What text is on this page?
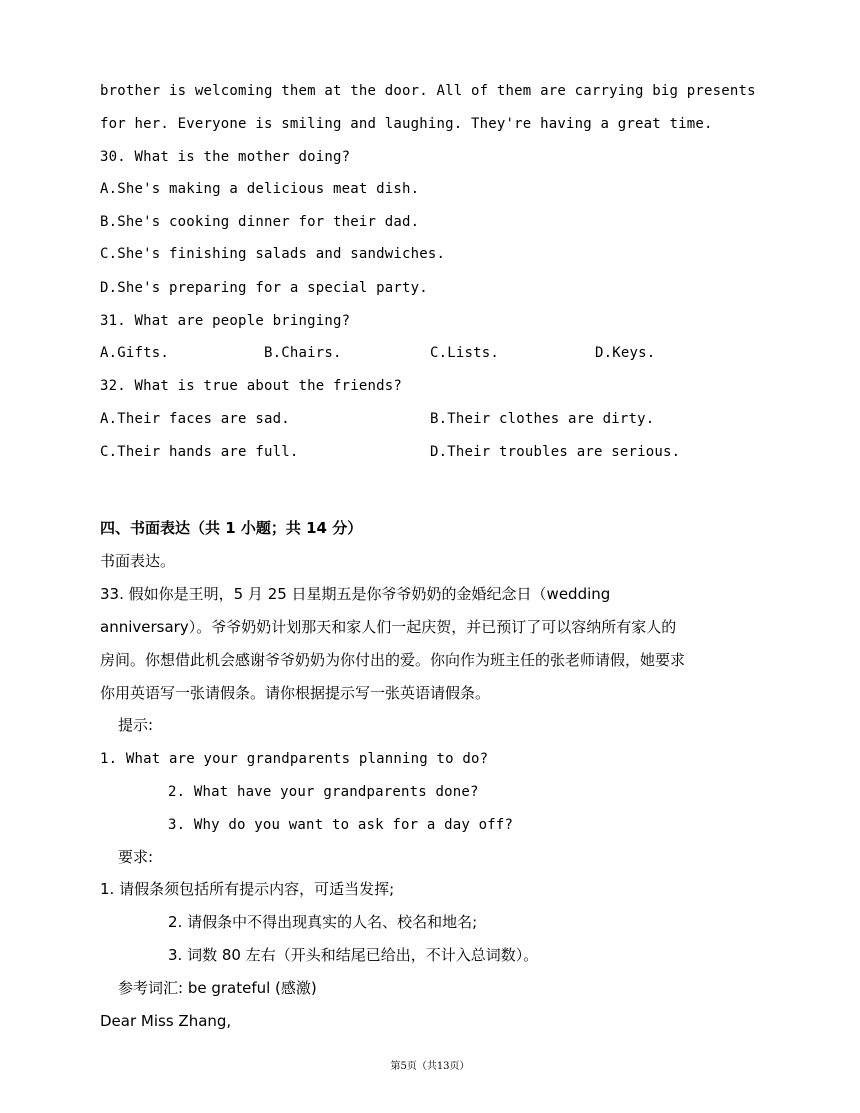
brother is welcoming them at the door. All of them are carrying big presents
for her. Everyone is smiling and laughing. They're having a great time.
30. What is the mother doing?
A.She's making a delicious meat dish.
B.She's cooking dinner for their dad.
C.She's finishing salads and sandwiches.
D.She's preparing for a special party.
31. What are people bringing?
A.Gifts.	B.Chairs.	C.Lists.	D.Keys.
32. What is true about the friends?
A.Their faces are sad.	B.Their clothes are dirty.
C.Their hands are full.	D.Their troubles are serious.
四、书面表达（共 1 小题；共 14 分）
书面表达。
33. 假如你是王明，5 月 25 日星期五是你爷爷奶奶的金婚纪念日（wedding
anniversary）。爷爷奶奶计划那天和家人们一起庆贺，并已预订了可以容纳所有家人的
房间。你想借此机会感谢爷爷奶奶为你付出的爱。你向作为班主任的张老师请假，她要求
你用英语写一张请假条。请你根据提示写一张英语请假条。
提示:
1. What are your grandparents planning to do?
2. What have your grandparents done?
3. Why do you want to ask for a day off?
要求:
1. 请假条须包括所有提示内容，可适当发挥;
2. 请假条中不得出现真实的人名、校名和地名;
3. 词数 80 左右（开头和结尾已给出，不计入总词数）。
参考词汇: be grateful (感激)
Dear Miss Zhang,
第5页（共13页）
